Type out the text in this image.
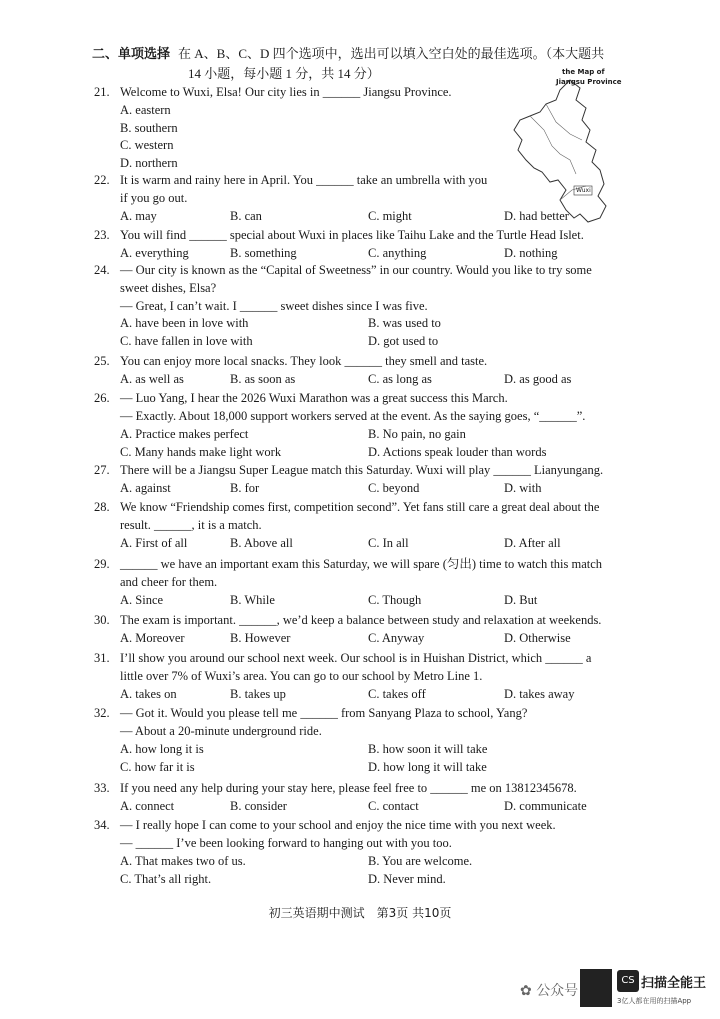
二、单项选择 在 A、B、C、D 四个选项中，选出可以填入空白处的最佳选项。（本大题共
14 小题，每小题 1 分，共 14 分）	the Map of
Jiangsu Province
Wuxi
21. Welcome to Wuxi, Elsa! Our city lies in ______ Jiangsu Province.
A. eastern
B. southern
C. western
D. northern
22. It is warm and rainy here in April. You ______ take an umbrella with you
if you go out.
A. may	B. can	C. might	D. had better
23. You will find ______ special about Wuxi in places like Taihu Lake and the Turtle Head Islet.
A. everything	B. something	C. anything	D. nothing
24. — Our city is known as the “Capital of Sweetness” in our country. Would you like to try some
sweet dishes, Elsa?
— Great, I can’t wait. I ______ sweet dishes since I was five.
A. have been in love with	B. was used to
C. have fallen in love with	D. got used to
25. You can enjoy more local snacks. They look ______ they smell and taste.
A. as well as	B. as soon as	C. as long as	D. as good as
26. — Luo Yang, I hear the 2026 Wuxi Marathon was a great success this March.
— Exactly. About 18,000 support workers served at the event. As the saying goes, “______”.
A. Practice makes perfect	B. No pain, no gain
C. Many hands make light work	D. Actions speak louder than words
27. There will be a Jiangsu Super League match this Saturday. Wuxi will play ______ Lianyungang.
A. against	B. for	C. beyond	D. with
28. We know “Friendship comes first, competition second”. Yet fans still care a great deal about the
result. ______, it is a match.
A. First of all	B. Above all	C. In all	D. After all
29. ______ we have an important exam this Saturday, we will spare (匀出) time to watch this match
and cheer for them.
A. Since	B. While	C. Though	D. But
30. The exam is important. ______, we’d keep a balance between study and relaxation at weekends.
A. Moreover	B. However	C. Anyway	D. Otherwise
31. I’ll show you around our school next week. Our school is in Huishan District, which ______ a
little over 7% of Wuxi’s area. You can go to our school by Metro Line 1.
A. takes on	B. takes up	C. takes off	D. takes away
32. — Got it. Would you please tell me ______ from Sanyang Plaza to school, Yang?
— About a 20-minute underground ride.
A. how long it is	B. how soon it will take
C. how far it is	D. how long it will take
33. If you need any help during your stay here, please feel free to ______ me on 13812345678.
A. connect	B. consider	C. contact	D. communicate
34. — I really hope I can come to your school and enjoy the nice time with you next week.
— ______ I’ve been looking forward to hanging out with you too.
A. That makes two of us.	B. You are welcome.
C. That’s all right.	D. Never mind.
初三英语期中测试　第3页 共10页
✿ 公众号
CS 扫描全能王
3亿人都在用的扫描App
